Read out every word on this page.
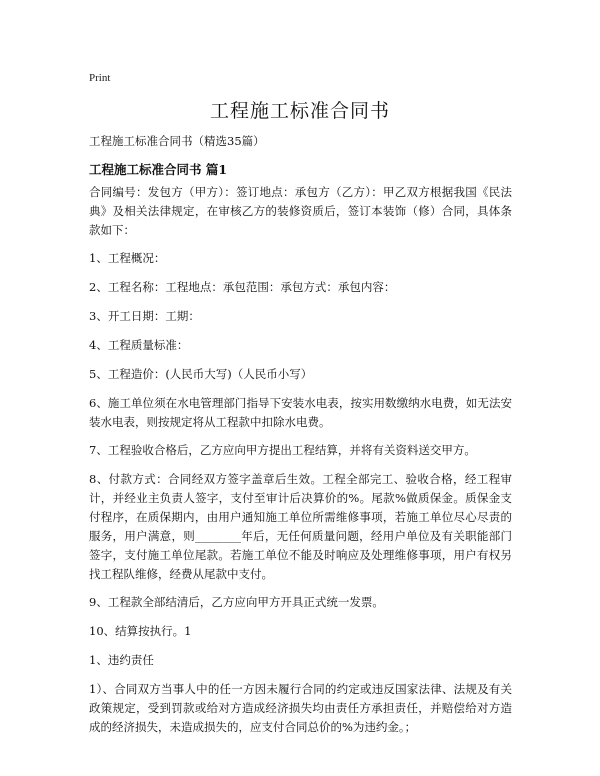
Print
工程施工标准合同书
工程施工标准合同书（精选35篇）
工程施工标准合同书 篇1

合同编号：发包方（甲方）：签订地点：承包方（乙方）：甲乙双方根据我国《民法典》及相关法律规定，在审核乙方的装修资质后，签订本装饰（修）合同，具体条款如下：

1、工程概况：

2、工程名称：工程地点：承包范围：承包方式：承包内容：

3、开工日期：工期：

4、工程质量标准：

5、工程造价：(人民币大写)（人民币小写）

6、施工单位须在水电管理部门指导下安装水电表，按实用数缴纳水电费，如无法安装水电表，则按规定将从工程款中扣除水电费。

7、工程验收合格后，乙方应向甲方提出工程结算，并将有关资料送交甲方。

8、付款方式：合同经双方签字盖章后生效。工程全部完工、验收合格，经工程审计，并经业主负责人签字，支付至审计后决算价的%。尾款%做质保金。质保金支付程序，在质保期内，由用户通知施工单位所需维修事项，若施工单位尽心尽责的服务，用户满意，则________年后，无任何质量问题，经用户单位及有关职能部门签字，支付施工单位尾款。若施工单位不能及时响应及处理维修事项，用户有权另找工程队维修，经费从尾款中支付。

9、工程款全部结清后，乙方应向甲方开具正式统一发票。

10、结算按执行。1

1、违约责任

1）、合同双方当事人中的任一方因未履行合同的约定或违反国家法律、法规及有关政策规定，受到罚款或给对方造成经济损失均由责任方承担责任，并赔偿给对方造成的经济损失，未造成损失的，应支付合同总价的%为违约金。；
